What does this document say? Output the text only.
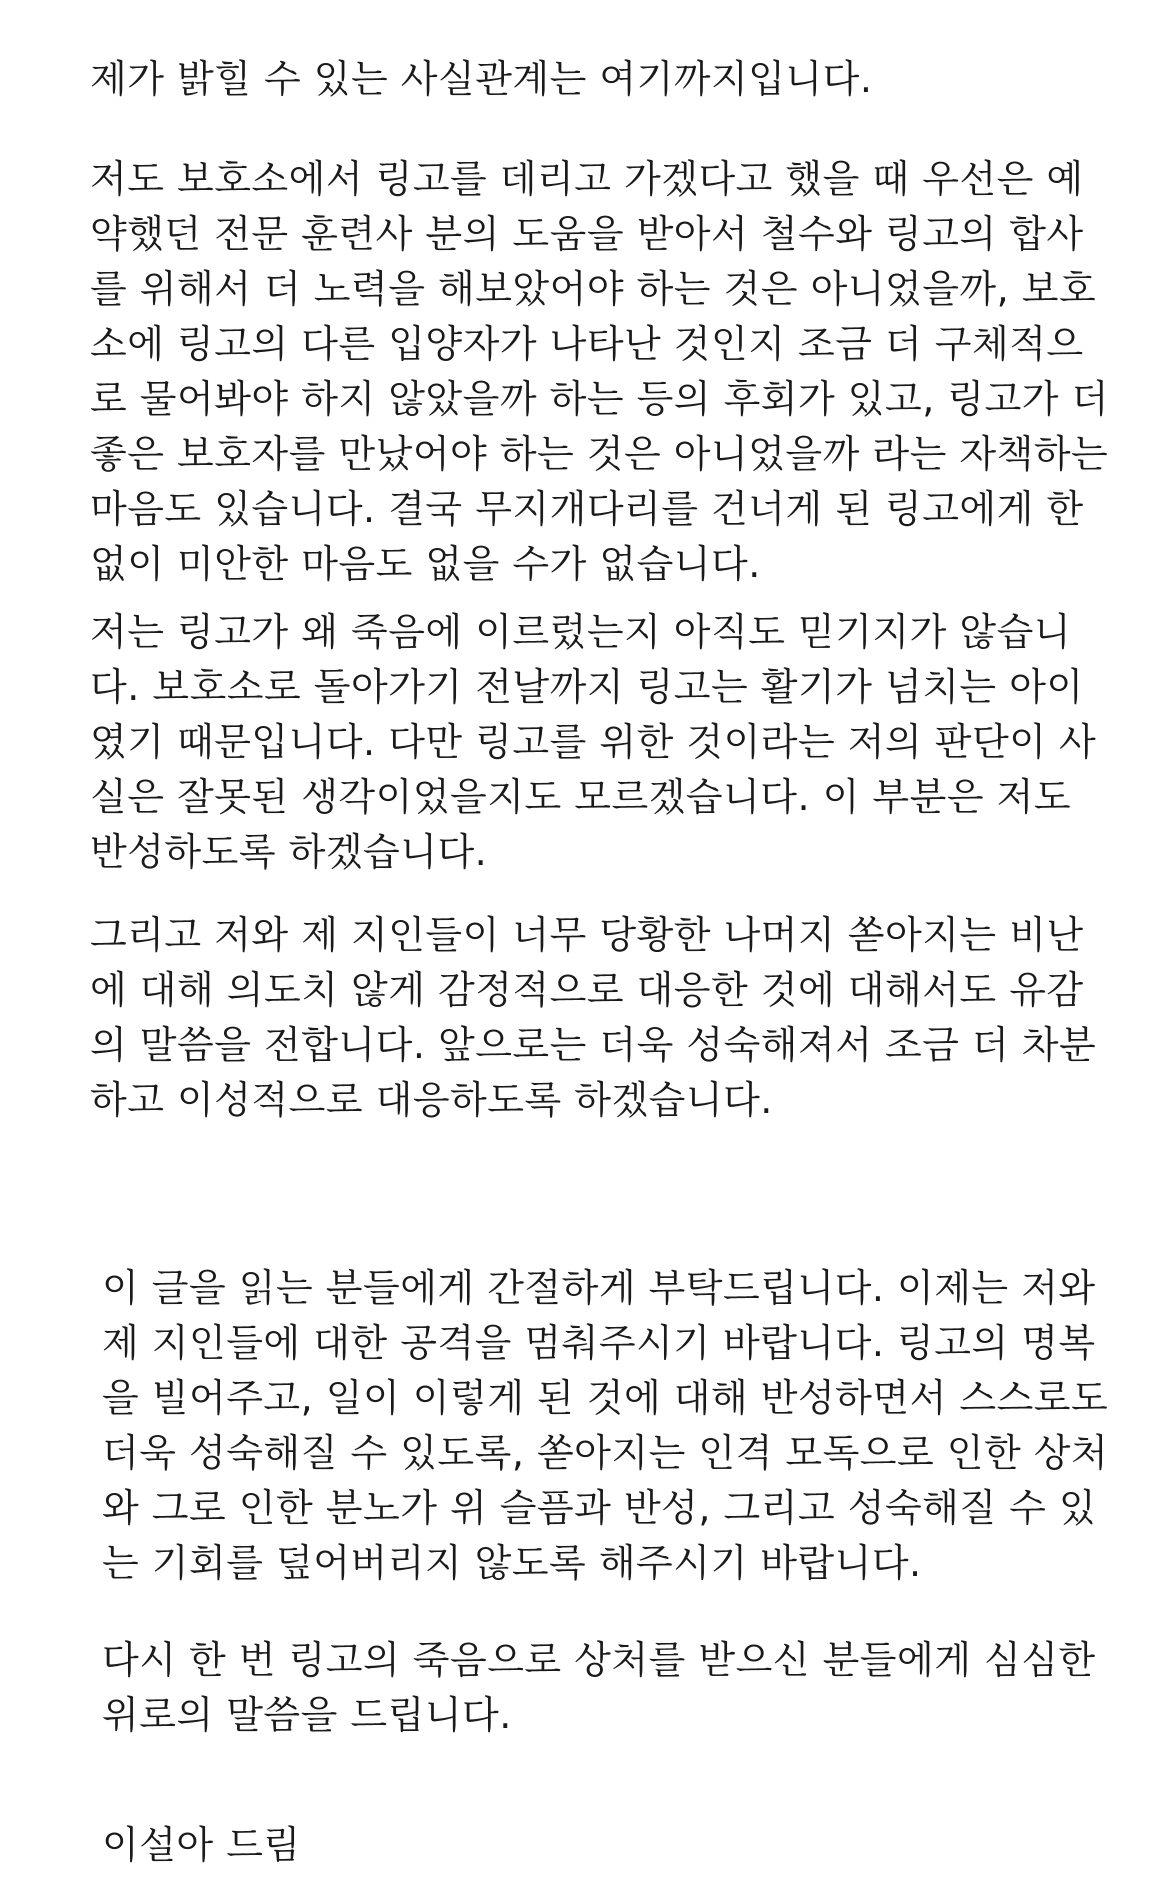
제가 밝힐 수 있는 사실관계는 여기까지입니다.
저도 보호소에서 링고를 데리고 가겠다고 했을 때 우선은 예
약했던 전문 훈련사 분의 도움을 받아서 철수와 링고의 합사
를 위해서 더 노력을 해보았어야 하는 것은 아니었을까, 보호
소에 링고의 다른 입양자가 나타난 것인지 조금 더 구체적으
로 물어봐야 하지 않았을까 하는 등의 후회가 있고, 링고가 더
좋은 보호자를 만났어야 하는 것은 아니었을까 라는 자책하는
마음도 있습니다. 결국 무지개다리를 건너게 된 링고에게 한
없이 미안한 마음도 없을 수가 없습니다.
저는 링고가 왜 죽음에 이르렀는지 아직도 믿기지가 않습니
다. 보호소로 돌아가기 전날까지 링고는 활기가 넘치는 아이
였기 때문입니다. 다만 링고를 위한 것이라는 저의 판단이 사
실은 잘못된 생각이었을지도 모르겠습니다. 이 부분은 저도
반성하도록 하겠습니다.
그리고 저와 제 지인들이 너무 당황한 나머지 쏟아지는 비난
에 대해 의도치 않게 감정적으로 대응한 것에 대해서도 유감
의 말씀을 전합니다. 앞으로는 더욱 성숙해져서 조금 더 차분
하고 이성적으로 대응하도록 하겠습니다.
이 글을 읽는 분들에게 간절하게 부탁드립니다. 이제는 저와
제 지인들에 대한 공격을 멈춰주시기 바랍니다. 링고의 명복
을 빌어주고, 일이 이렇게 된 것에 대해 반성하면서 스스로도
더욱 성숙해질 수 있도록, 쏟아지는 인격 모독으로 인한 상처
와 그로 인한 분노가 위 슬픔과 반성, 그리고 성숙해질 수 있
는 기회를 덮어버리지 않도록 해주시기 바랍니다.
다시 한 번 링고의 죽음으로 상처를 받으신 분들에게 심심한
위로의 말씀을 드립니다.
이설아 드림
